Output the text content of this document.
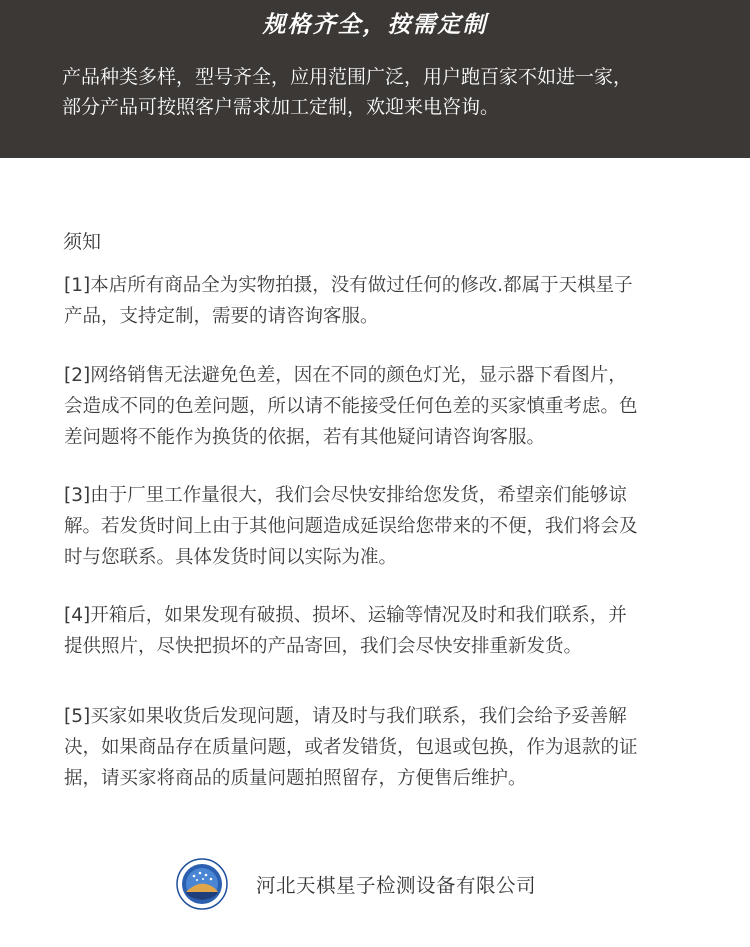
规格齐全，按需定制
产品种类多样，型号齐全，应用范围广泛，用户跑百家不如进一家，
部分产品可按照客户需求加工定制，欢迎来电咨询。
须知
[1]本店所有商品全为实物拍摄，没有做过任何的修改.都属于天棋星子
产品，支持定制，需要的请咨询客服。
[2]网络销售无法避免色差，因在不同的颜色灯光，显示器下看图片，
会造成不同的色差问题，所以请不能接受任何色差的买家慎重考虑。色
差问题将不能作为换货的依据，若有其他疑问请咨询客服。
[3]由于厂里工作量很大，我们会尽快安排给您发货，希望亲们能够谅
解。若发货时间上由于其他问题造成延误给您带来的不便，我们将会及
时与您联系。具体发货时间以实际为准。
[4]开箱后，如果发现有破损、损坏、运输等情况及时和我们联系，并
提供照片，尽快把损坏的产品寄回，我们会尽快安排重新发货。
[5]买家如果收货后发现问题，请及时与我们联系，我们会给予妥善解
决，如果商品存在质量问题，或者发错货，包退或包换，作为退款的证
据，请买家将商品的质量问题拍照留存，方便售后维护。
河北天棋星子检测设备有限公司
